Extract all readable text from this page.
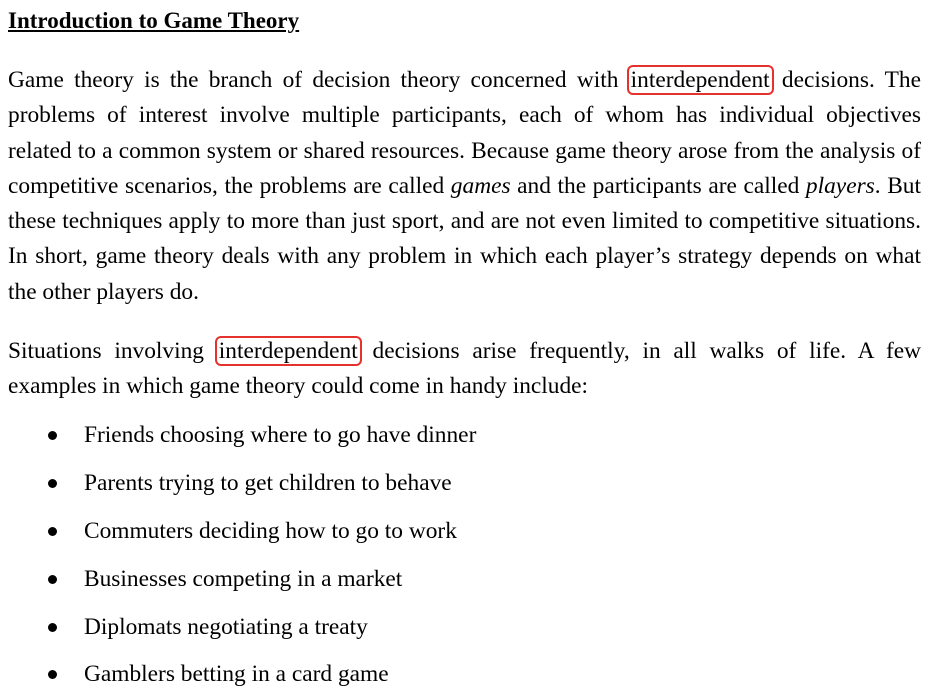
Introduction to Game Theory

Game theory is the branch of decision theory concerned with interdependent decisions. The problems of interest involve multiple participants, each of whom has individual objectives related to a common system or shared resources. Because game theory arose from the analysis of competitive scenarios, the problems are called games and the participants are called players. But these techniques apply to more than just sport, and are not even limited to competitive situations. In short, game theory deals with any problem in which each player’s strategy depends on what the other players do.

Situations involving interdependent decisions arise frequently, in all walks of life. A few examples in which game theory could come in handy include:

Friends choosing where to go have dinner
Parents trying to get children to behave
Commuters deciding how to go to work
Businesses competing in a market
Diplomats negotiating a treaty
Gamblers betting in a card game
